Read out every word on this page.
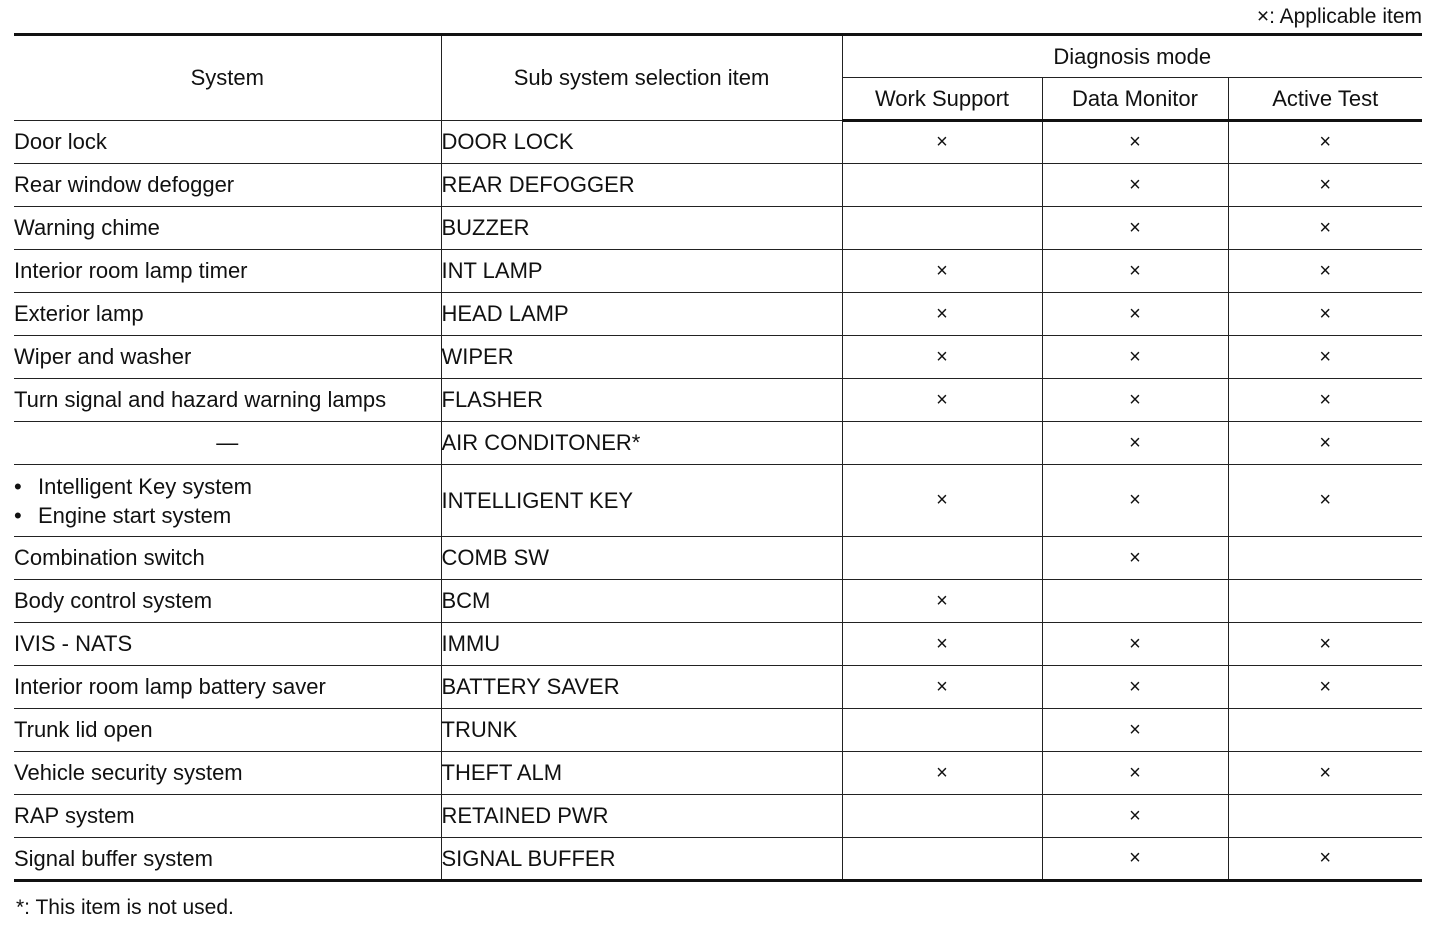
×: Applicable item
System	Sub system selection item	Diagnosis mode		
		Work Support	Data Monitor	Active Test
Door lock	DOOR LOCK	×	×	×
Rear window defogger	REAR DEFOGGER		×	×
Warning chime	BUZZER		×	×
Interior room lamp timer	INT LAMP	×	×	×
Exterior lamp	HEAD LAMP	×	×	×
Wiper and washer	WIPER	×	×	×
Turn signal and hazard warning lamps	FLASHER	×	×	×
—	AIR CONDITONER*		×	×

• Intelligent Key system
• Engine start system	INTELLIGENT KEY	×	×	×
Combination switch	COMB SW		×	
Body control system	BCM	×		
IVIS - NATS	IMMU	×	×	×
Interior room lamp battery saver	BATTERY SAVER	×	×	×
Trunk lid open	TRUNK		×	
Vehicle security system	THEFT ALM	×	×	×
RAP system	RETAINED PWR		×	
Signal buffer system	SIGNAL BUFFER		×	×
*: This item is not used.
